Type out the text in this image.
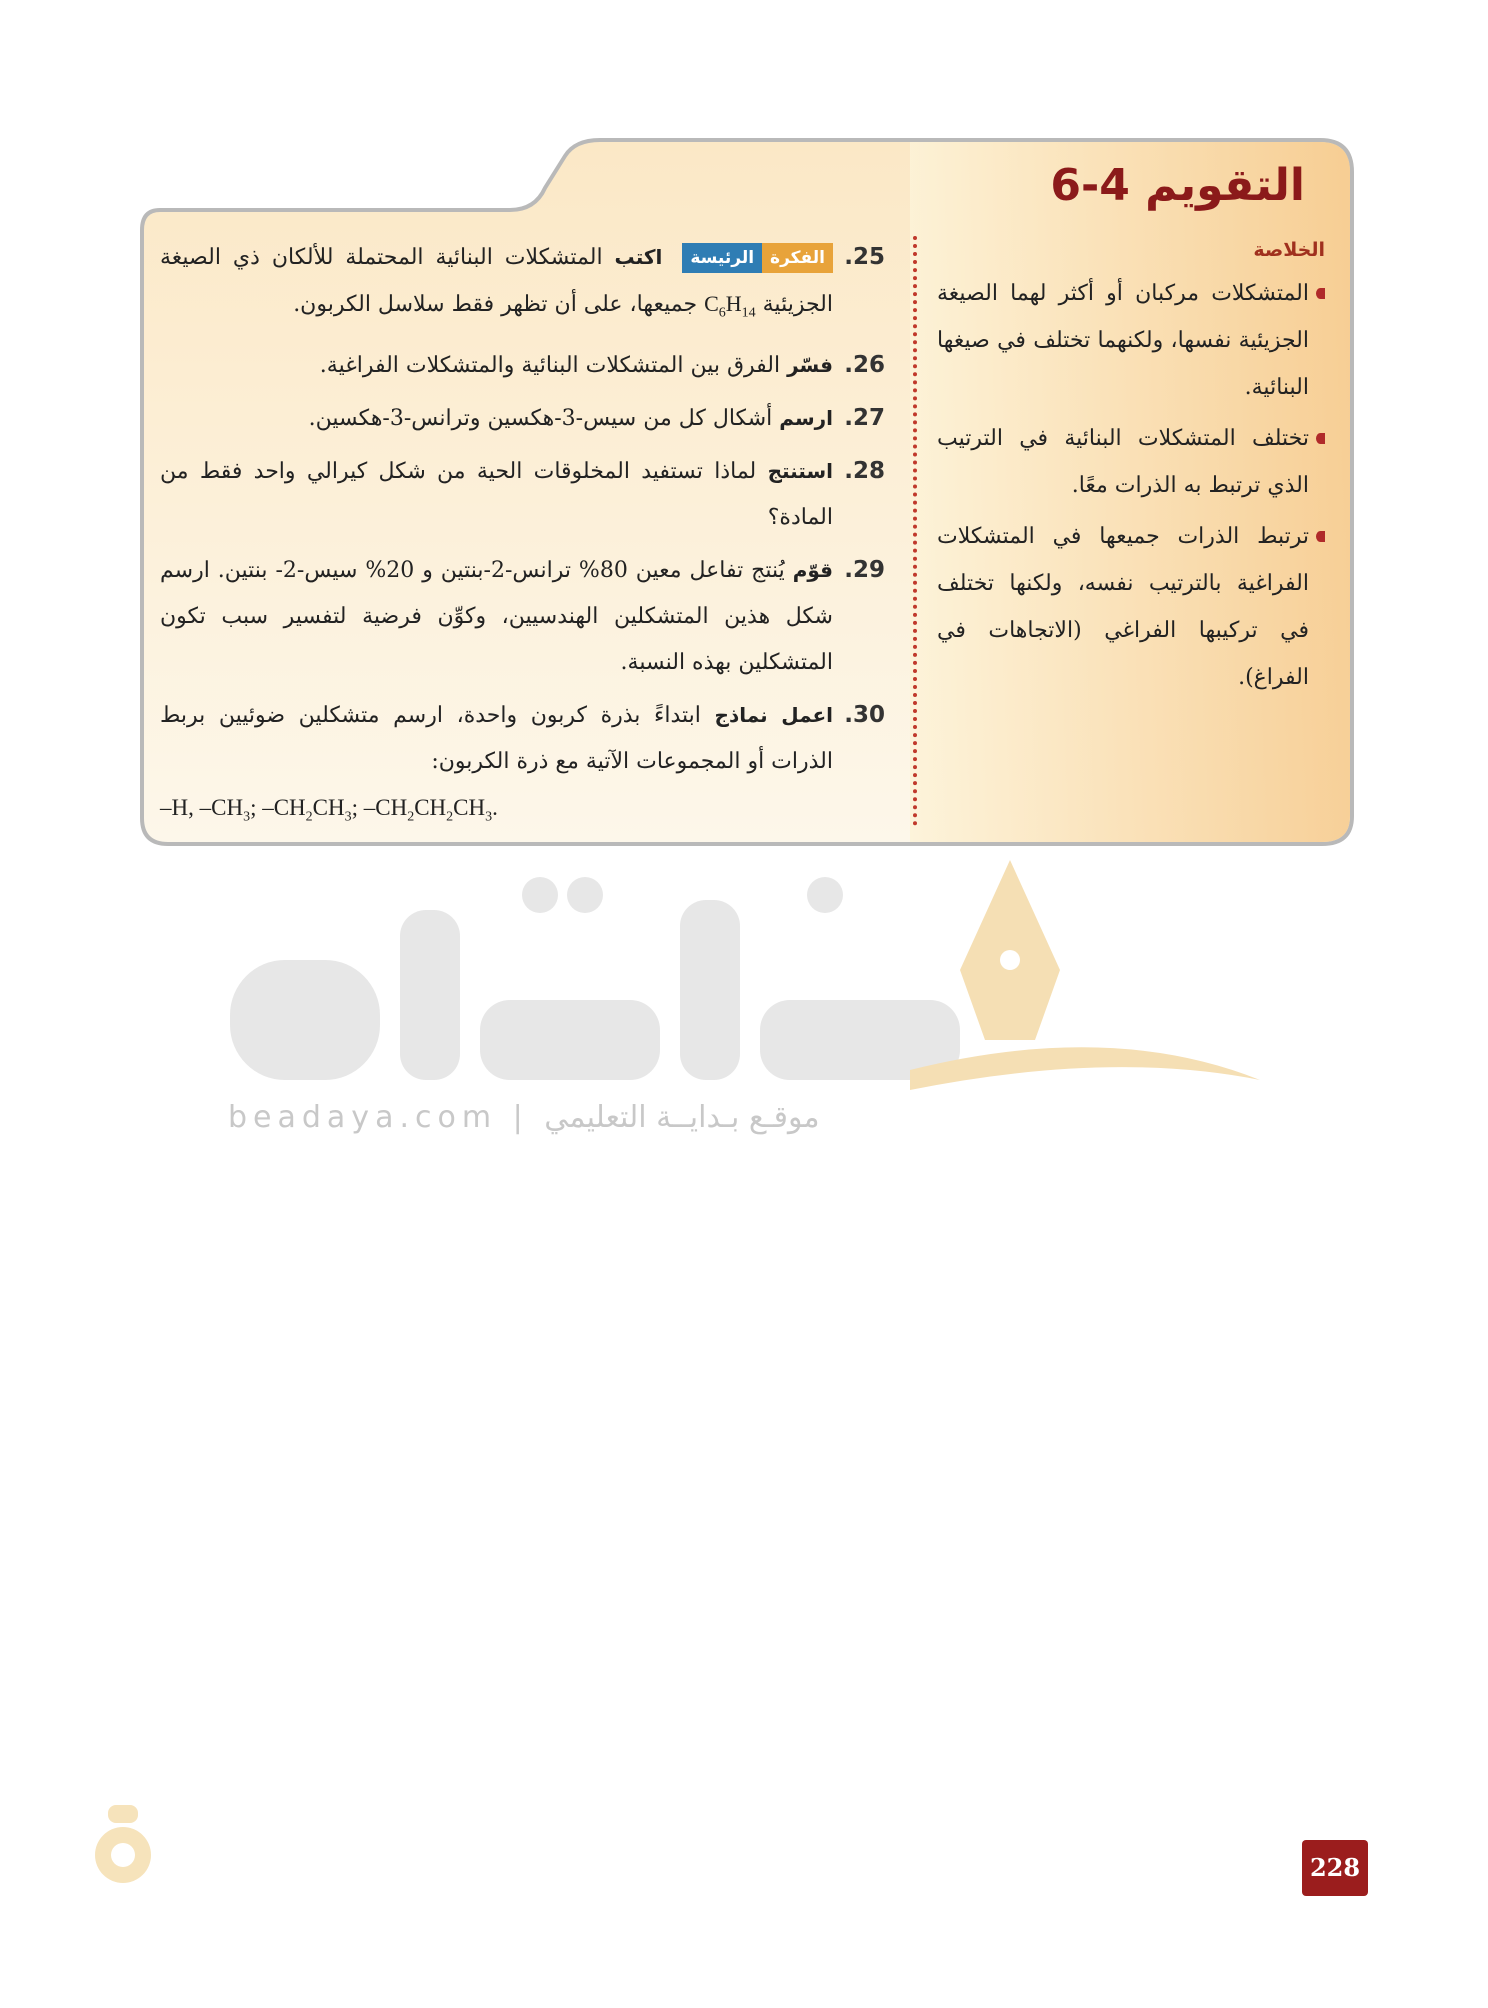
التقويم 4-6
الخلاصة
المتشكلات مركبان أو أكثر لهما الصيغة الجزيئية نفسها، ولكنهما تختلف في صيغها البنائية.
تختلف المتشكلات البنائية في الترتيب الذي ترتبط به الذرات معًا.
ترتبط الذرات جميعها في المتشكلات الفراغية بالترتيب نفسه، ولكنها تختلف في تركيبها الفراغي (الاتجاهات في الفراغ).
25.
الفكرةالرئيسة اكتب المتشكلات البنائية المحتملة للألكان ذي الصيغة الجزيئية $C_6H_{14}$ جميعها، على أن تظهر فقط سلاسل الكربون.
26.
فسّر الفرق بين المتشكلات البنائية والمتشكلات الفراغية.
27.
ارسم أشكال كل من سيس-3-هكسين وترانس-3-هكسين.
28.
استنتج لماذا تستفيد المخلوقات الحية من شكل كيرالي واحد فقط من المادة؟
29.
قوّم يُنتج تفاعل معين 80% ترانس-2-بنتين و 20% سيس-2- بنتين. ارسم شكل هذين المتشكلين الهندسيين، وكوِّن فرضية لتفسير سبب تكون المتشكلين بهذه النسبة.
30.
اعمل نماذج ابتداءً بذرة كربون واحدة، ارسم متشكلين ضوئيين بربط الذرات أو المجموعات الآتية مع ذرة الكربون:
–H, $-CH_3$; $-CH_2CH_3$; $-CH_2CH_2CH_3$.
beadaya.com | موقـع بـدايــة التعليمي
228
